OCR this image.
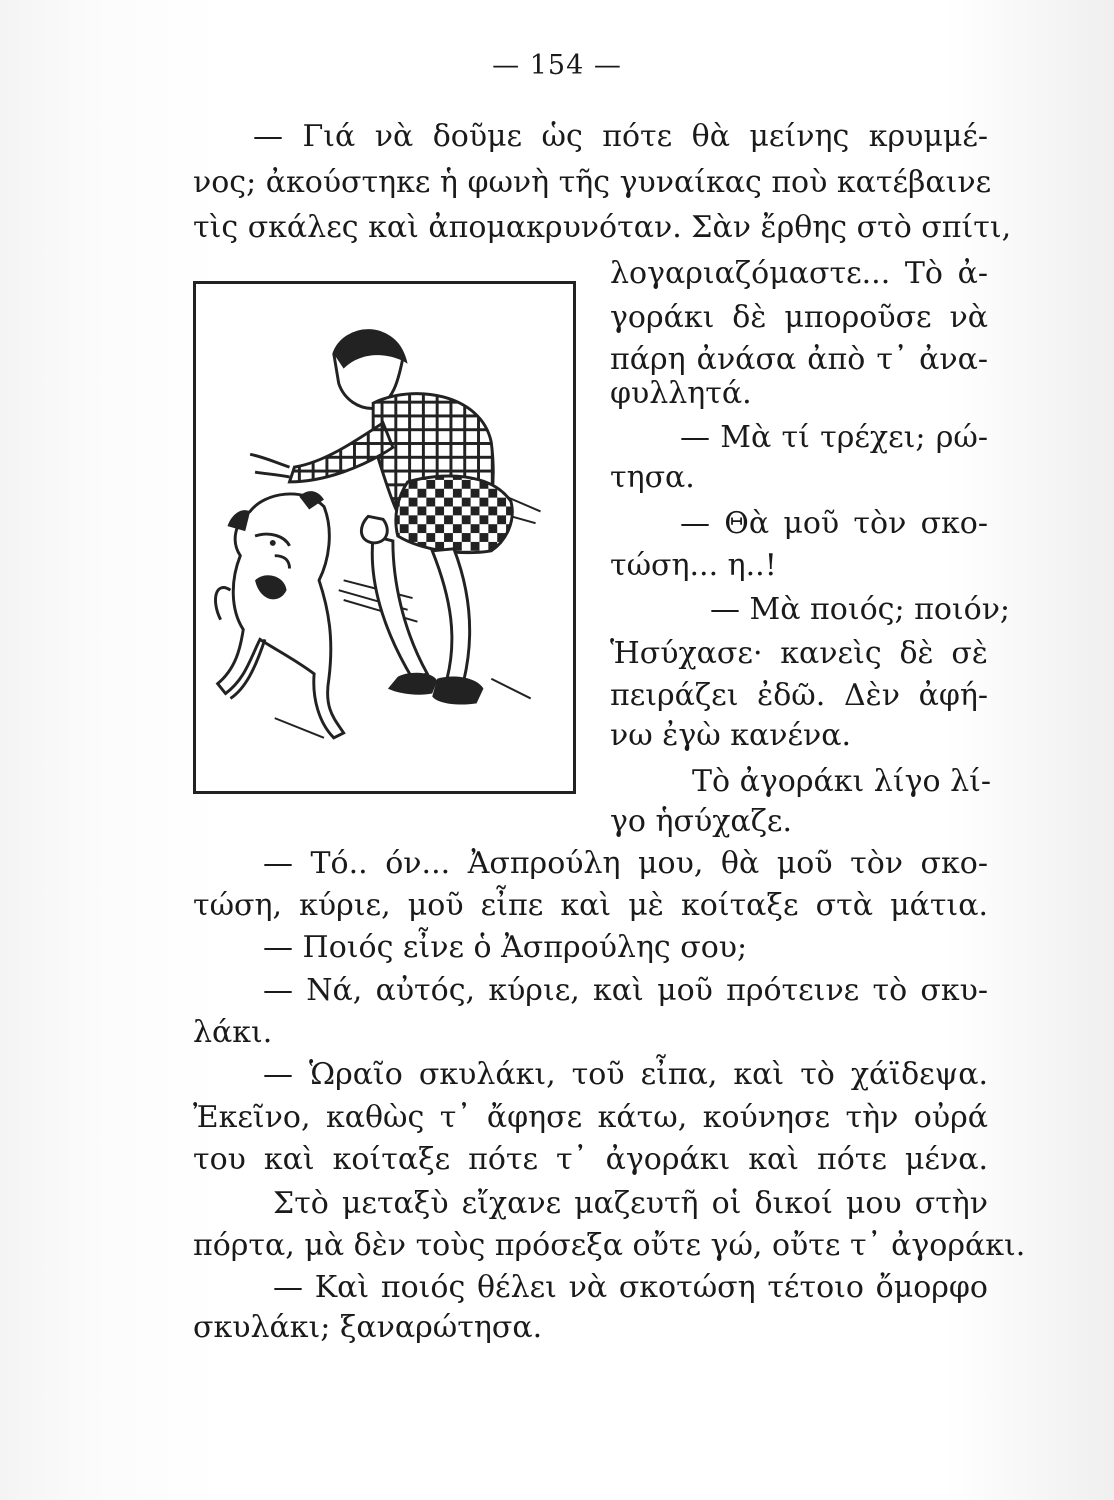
— 154 —
— Γιά νὰ δοῦμε ὡς πότε θὰ μείνης κρυμμέ-
νος; ἀκούστηκε ἡ φωνὴ τῆς γυναίκας ποὺ κατέβαινε
τὶς σκάλες καὶ ἀπομακρυνόταν. Σὰν ἔρθης στὸ σπίτι,
λογαριαζόμαστε... Τὸ ἀ-
γοράκι δὲ μποροῦσε νὰ
πάρη ἀνάσα ἀπὸ τ᾿ ἀνα-
φυλλητά.
— Μὰ τί τρέχει; ρώ-
τησα.
— Θὰ μοῦ τὸν σκο-
τώση... η..!
— Μὰ ποιός; ποιόν;
Ἡσύχασε· κανεὶς δὲ σὲ
πειράζει ἐδῶ. Δὲν ἀφή-
νω ἐγὼ κανένα.
Τὸ ἀγοράκι λίγο λί-
γο ἡσύχαζε.
— Τό.. όν... Ἀσπρούλη μου, θὰ μοῦ τὸν σκο-
τώση, κύριε, μοῦ εἶπε καὶ μὲ κοίταξε στὰ μάτια.
— Ποιός εἶνε ὁ Ἀσπρούλης σου;
— Νά, αὐτός, κύριε, καὶ μοῦ πρότεινε τὸ σκυ-
λάκι.
— Ὡραῖο σκυλάκι, τοῦ εἶπα, καὶ τὸ χάϊδεψα.
Ἐκεῖνο, καθὼς τ᾿ ἄφησε κάτω, κούνησε τὴν οὐρά
του καὶ κοίταξε πότε τ᾿ ἀγοράκι καὶ πότε μένα.
Στὸ μεταξὺ εἴχανε μαζευτῆ οἱ δικοί μου στὴν
πόρτα, μὰ δὲν τοὺς πρόσεξα οὔτε γώ, οὔτε τ᾿ ἀγοράκι.
— Καὶ ποιός θέλει νὰ σκοτώση τέτοιο ὄμορφο
σκυλάκι; ξαναρώτησα.
